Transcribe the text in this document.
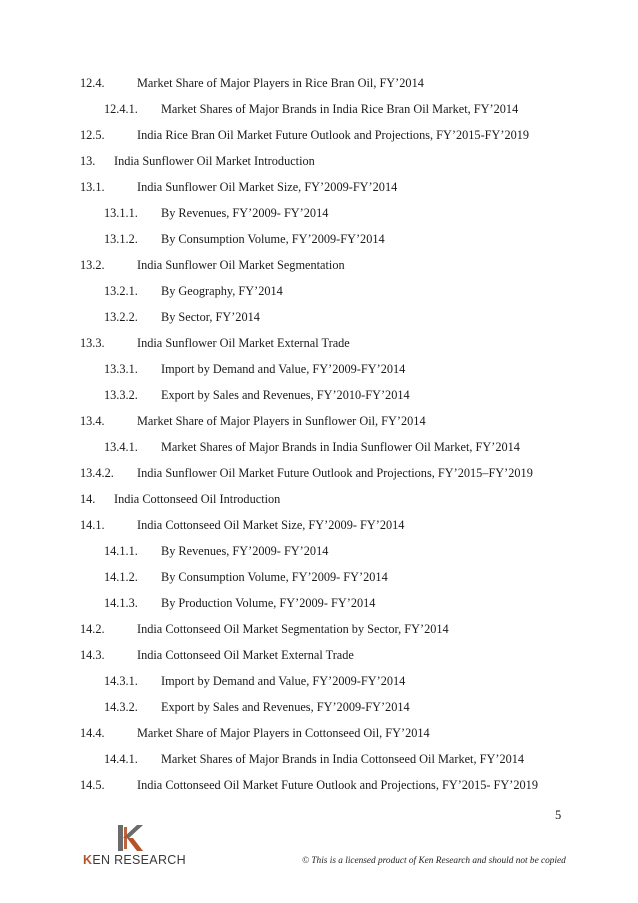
12.4.	Market Share of Major Players in Rice Bran Oil, FY’2014
12.4.1. Market Shares of Major Brands in India Rice Bran Oil Market, FY’2014
12.5.	India Rice Bran Oil Market Future Outlook and Projections, FY’2015-FY’2019
13. India Sunflower Oil Market Introduction
13.1.	India Sunflower Oil Market Size, FY’2009-FY’2014
13.1.1. By Revenues, FY’2009- FY’2014
13.1.2. By Consumption Volume, FY’2009-FY’2014
13.2.	India Sunflower Oil Market Segmentation
13.2.1. By Geography, FY’2014
13.2.2. By Sector, FY’2014
13.3.	India Sunflower Oil Market External Trade
13.3.1. Import by Demand and Value, FY’2009-FY’2014
13.3.2. Export by Sales and Revenues, FY’2010-FY’2014
13.4.	Market Share of Major Players in Sunflower Oil, FY’2014
13.4.1. Market Shares of Major Brands in India Sunflower Oil Market, FY’2014
13.4.2. India Sunflower Oil Market Future Outlook and Projections, FY’2015–FY’2019
14. India Cottonseed Oil Introduction
14.1.	India Cottonseed Oil Market Size, FY’2009- FY’2014
14.1.1. By Revenues, FY’2009- FY’2014
14.1.2. By Consumption Volume, FY’2009- FY’2014
14.1.3. By Production Volume, FY’2009- FY’2014
14.2.	India Cottonseed Oil Market Segmentation by Sector, FY’2014
14.3.	India Cottonseed Oil Market External Trade
14.3.1. Import by Demand and Value, FY’2009-FY’2014
14.3.2. Export by Sales and Revenues, FY’2009-FY’2014
14.4.	Market Share of Major Players in Cottonseed Oil, FY’2014
14.4.1. Market Shares of Major Brands in India Cottonseed Oil Market, FY’2014
14.5.	India Cottonseed Oil Market Future Outlook and Projections, FY’2015- FY’2019
5
KEN RESEARCH	© This is a licensed product of Ken Research and should not be copied
